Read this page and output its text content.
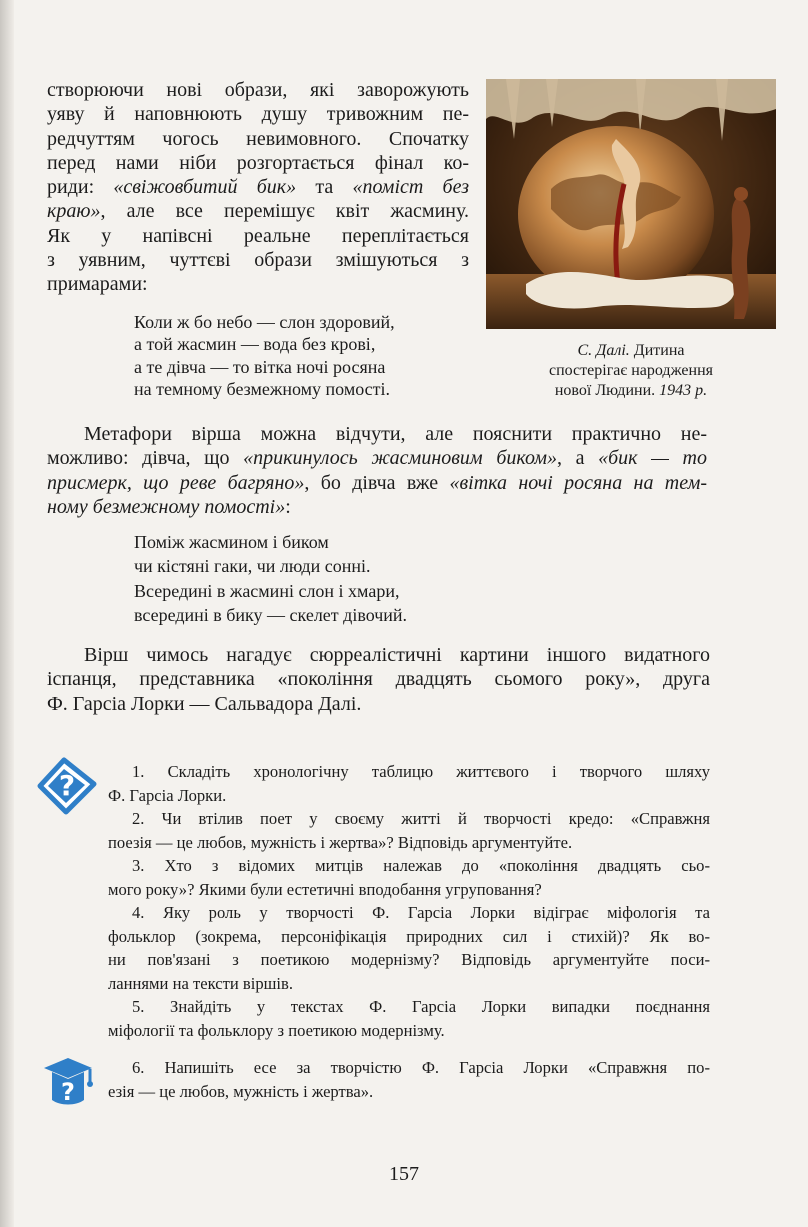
створюючи нові образи, які заворожують
уяву й наповнюють душу тривожним пе-
редчуттям чогось невимовного. Спочатку
перед нами ніби розгортається фінал ко-
риди: «свіжовбитий бик» та «поміст без
краю», але все перемішує квіт жасмину.
Як у напівсні реальне переплітається
з уявним, чуттєві образи змішуються з
примарами:
Коли ж бо небо — слон здоровий,
а той жасмин — вода без крові,
а те дівча — то вітка ночі росяна
на темному безмежному помості.
С. Далі. Дитина
спостерігає народження
нової Людини. 1943 р.
Метафори вірша можна відчути, але пояснити практично не-
можливо: дівча, що «прикинулось жасминовим биком», а «бик — то
присмерк, що реве багряно», бо дівча вже «вітка ночі росяна на тем-
ному безмежному помості»:
Поміж жасмином і биком
чи кістяні гаки, чи люди сонні.
Всередині в жасмині слон і хмари,
всередині в бику — скелет дівочий.
Вірш чимось нагадує сюрреалістичні картини іншого видатного
іспанця, представника «покоління двадцять сьомого року», друга
Ф. Гарсіа Лорки — Сальвадора Далі.
?	1. Складіть хронологічну таблицю життєвого і творчого шляху
Ф. Гарсіа Лорки.
2. Чи втілив поет у своєму житті й творчості кредо: «Справжня
поезія — це любов, мужність і жертва»? Відповідь аргументуйте.
3. Хто з відомих митців належав до «покоління двадцять сьо-
мого року»? Якими були естетичні вподобання угруповання?
4. Яку роль у творчості Ф. Гарсіа Лорки відіграє міфологія та
фольклор (зокрема, персоніфікація природних сил і стихій)? Як во-
ни пов'язані з поетикою модернізму? Відповідь аргументуйте поси-
ланнями на тексти віршів.
5. Знайдіть у текстах Ф. Гарсіа Лорки випадки поєднання
міфології та фольклору з поетикою модернізму.
?
6. Напишіть есе за творчістю Ф. Гарсіа Лорки «Справжня по-
езія — це любов, мужність і жертва».
157
